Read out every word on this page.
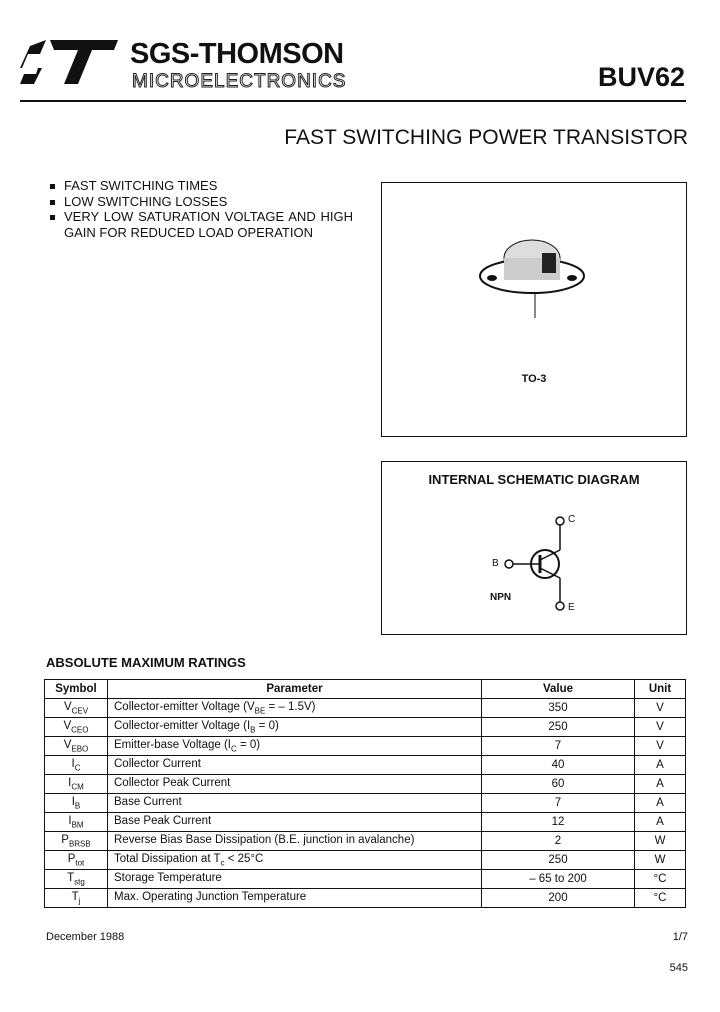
SGS-THOMSON
MICROELECTRONICS	BUV62
FAST SWITCHING POWER TRANSISTOR
FAST SWITCHING TIMES
LOW SWITCHING LOSSES
VERY LOW SATURATION VOLTAGE AND HIGH GAIN FOR REDUCED LOAD OPERATION
TO-3
INTERNAL SCHEMATIC DIAGRAM
C
B
E
NPN
ABSOLUTE MAXIMUM RATINGS
Symbol	Parameter	Value	Unit
$V_{CEV}$	Collector-emitter Voltage ($V_{BE}$ = – 1.5V)	350	V
$V_{CEO}$	Collector-emitter Voltage $(I_B = 0)$	250	V
$V_{EBO}$	Emitter-base Voltage $(I_C = 0)$	7	V
$I_C$	Collector Current	40	A
$I_{CM}$	Collector Peak Current	60	A
$I_B$	Base Current	7	A
$I_{BM}$	Base Peak Current	12	A
$P_{BRSB}$	Reverse Bias Base Dissipation (B.E. junction in avalanche)	2	W
$P_{tot}$	Total Dissipation at $T_c < 25^\circ C$	250	W
$T_{stg}$	Storage Temperature	– 65 to 200	°C
$T_j$	Max. Operating Junction Temperature	200	°C
December 1988	1/7
545
